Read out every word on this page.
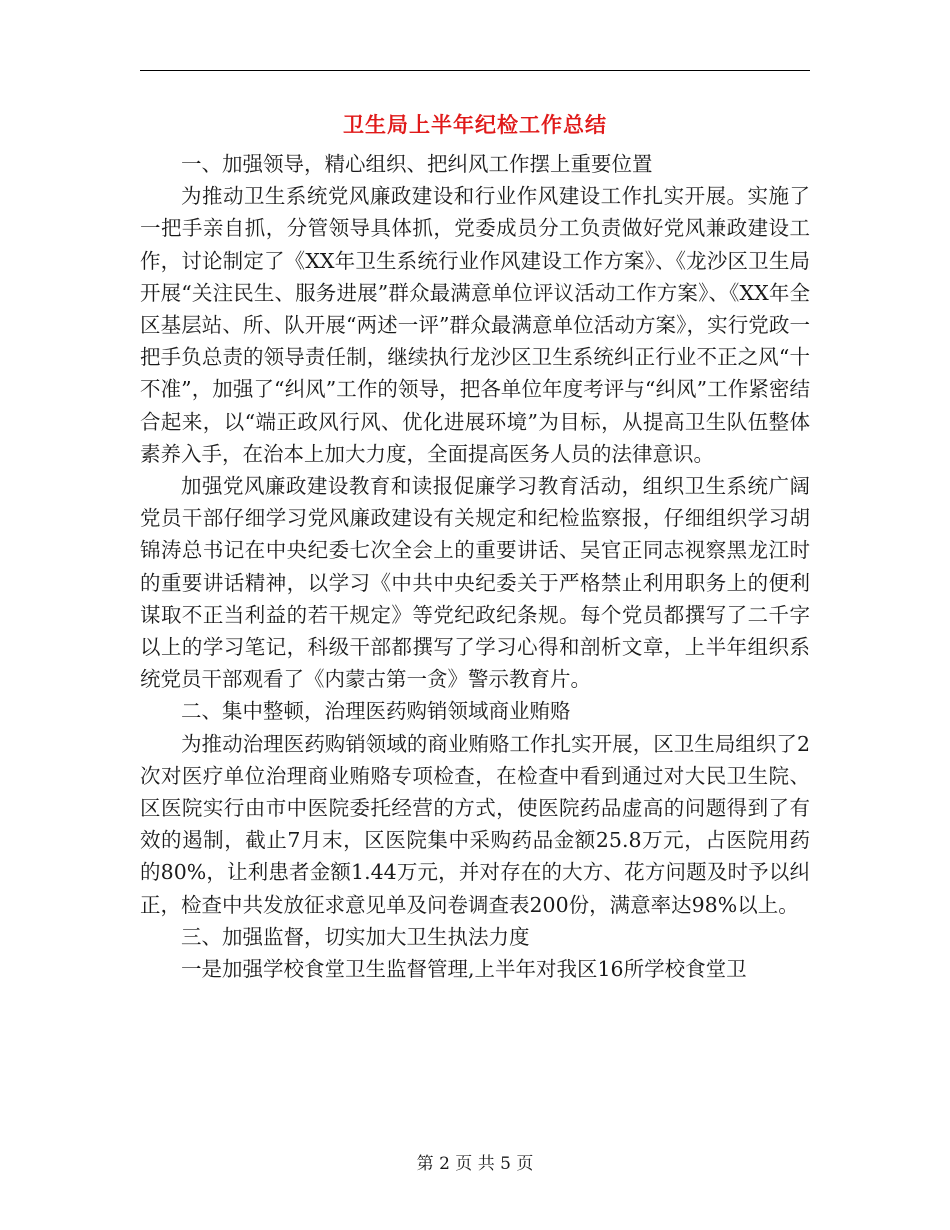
卫生局上半年纪检工作总结

一、加强领导，精心组织、把纠风工作摆上重要位置

为推动卫生系统党风廉政建设和行业作风建设工作扎实开展。实施了一把手亲自抓，分管领导具体抓，党委成员分工负责做好党风兼政建设工作，讨论制定了《XX年卫生系统行业作风建设工作方案》、《龙沙区卫生局开展“关注民生、服务进展”群众最满意单位评议活动工作方案》、《XX年全区基层站、所、队开展“两述一评”群众最满意单位活动方案》，实行党政一把手负总责的领导责任制，继续执行龙沙区卫生系统纠正行业不正之风“十不准”，加强了“纠风”工作的领导，把各单位年度考评与“纠风”工作紧密结合起来，以“端正政风行风、优化进展环境”为目标，从提高卫生队伍整体素养入手，在治本上加大力度，全面提高医务人员的法律意识。

加强党风廉政建设教育和读报促廉学习教育活动，组织卫生系统广阔党员干部仔细学习党风廉政建设有关规定和纪检监察报，仔细组织学习胡锦涛总书记在中央纪委七次全会上的重要讲话、吴官正同志视察黑龙江时的重要讲话精神，以学习《中共中央纪委关于严格禁止利用职务上的便利谋取不正当利益的若干规定》等党纪政纪条规。每个党员都撰写了二千字以上的学习笔记，科级干部都撰写了学习心得和剖析文章，上半年组织系统党员干部观看了《内蒙古第一贪》警示教育片。

二、集中整顿，治理医药购销领域商业贿赂

为推动治理医药购销领域的商业贿赂工作扎实开展，区卫生局组织了2次对医疗单位治理商业贿赂专项检查，在检查中看到通过对大民卫生院、区医院实行由市中医院委托经营的方式，使医院药品虚高的问题得到了有效的遏制，截止7月末，区医院集中采购药品金额25.8万元，占医院用药的80%，让利患者金额1.44万元，并对存在的大方、花方问题及时予以纠正，检查中共发放征求意见单及问卷调查表200份，满意率达98%以上。

三、加强监督，切实加大卫生执法力度

一是加强学校食堂卫生监督管理,上半年对我区16所学校食堂卫

第 2 页 共 5 页
